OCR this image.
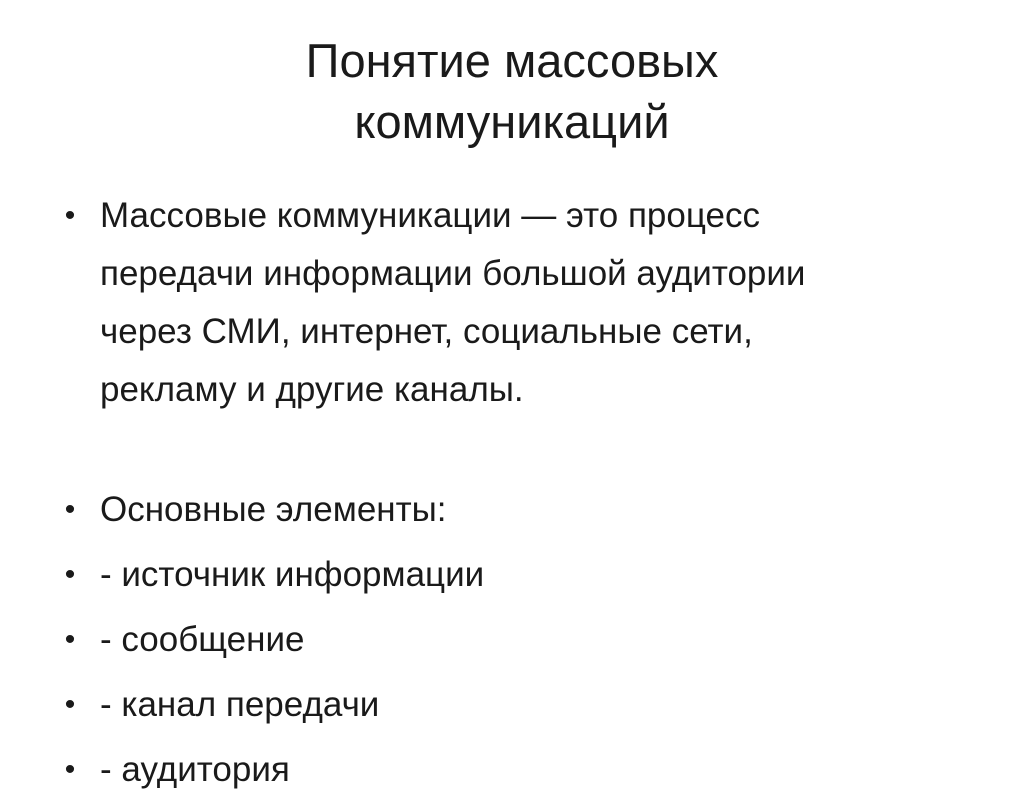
Понятие массовых
коммуникаций
• Массовые коммуникации — это процесс
передачи информации большой аудитории
через СМИ, интернет, социальные сети,
рекламу и другие каналы.
• Основные элементы:
• - источник информации
• - сообщение
• - канал передачи
• - аудитория
